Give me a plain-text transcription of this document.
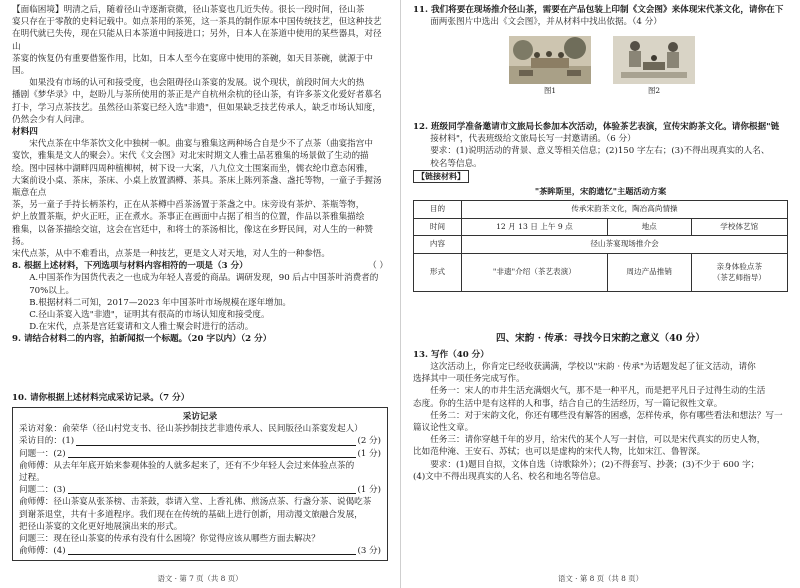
【面临困境】明清之后，随着径山寺逐渐衰微，径山茶宴也几近失传。很长一段时间，径山茶

宴只存在于零散的史料记载中。如点茶用的茶筅，这一茶具的制作原本中国传统技艺，但这种技艺

在明代就已失传，现在只能从日本茶道中间接进口；另外，日本人在茶道中使用的某些器具，对径山

茶宴的恢复仍有重要借鉴作用，比如，日本人至今在宴席中使用的茶碗，如天目茶碗，就源于中国。

如果没有市场的认可和接受度，也会阻碍径山茶宴的发展。说个现状，前段时间大火的热

播剧《梦华录》中，赵盼儿与茶所使用的茶正是产自杭州余杭的径山茶，有许多茶文化爱好者慕名

打卡，学习点茶技艺。虽然径山茶宴已经入选"非遗"，但如果缺乏技艺传承人，缺乏市场认知度，

仍然会少有人问津。

材料四

宋代点茶在中华茶饮文化中独树一帜。曲宴与雅集这两种场合自是少不了点茶（曲宴指宫中

宴饮，雅集是文人的聚会）。宋代《文会图》对北宋时期文人雅士品茗雅集的场景做了生动的描

绘。图中园林中湖畔四周种植柳树，树下设一大案，八九位文士围案而坐，儒衣纶巾意态闲雅，

大案前设小桌、茶床，茶床、小桌上放置酒樽、茶具。茶床上陈列茶盏、盏托等物，一童子手握汤瓶意在点

茶，另一童子手持长柄茶杓，正在从茶樽中舀茶汤置于茶盏之中。床旁设有茶炉、茶瓶等物，

炉上放置茶瓶，炉火正旺，正在煮水。茶事正在画面中占据了相当的位置，作品以茶雅集描绘

雅集，以备茶描绘交谊，这会在宫廷中，和将士的茶汤相比，像这在乡野民间，对人生的一种赞扬。

宋代点茶，从中不难看出，点茶是一种技艺，更是文人对天地，对人生的一种参悟。

8. 根据上述材料，下列选项与材料内容相符的一项是（3 分）	（ ）

A.中国茶作为国货代表之一也成为年轻人喜爱的商品。调研发现，90 后占中国茶叶消费者的

70%以上。

B.根据材料二可知，2017—2023 年中国茶叶市场规模在逐年增加。

C.径山茶宴入选"非遗"，证明其有很高的市场认知度和接受度。

D.在宋代，点茶是宫廷宴请和文人雅士聚会时进行的活动。

9. 请结合材料二的内容，拍新闻拟一个标题。（20 字以内）（2 分）

10. 请你根据上述材料完成采访记录。（7 分）

采访记录

采访对象：俞荣华（径山村党支书、径山茶抄制技艺非遗传承人、民间版径山茶宴发起人）

采访目的：(1)	(2 分)
问题一：(2)	(1 分)

俞师傅：从去年年底开始来参观体验的人就多起来了，还有不少年轻人会过来体验点茶的

过程。

问题二：(3)	(1 分)

俞师傅：径山茶宴从张茶榜、击茶鼓，恭请入堂、上香礼佛、煎汤点茶、行盏分茶、说偈吃茶

到谢茶退堂，共有十多道程序。我们现在在传统的基础上进行创新，用动漫文旅融合发展，

把径山茶宴的文化更好地展演出来的形式。

问题三：现在径山茶宴的传承有没有什么困境？你觉得应该从哪些方面去解决？

俞师傅：(4)	(3 分)
语文 · 第 7 页（共 8 页）

11. 我们将要在现场推介径山茶，需要在产品包装上印制《文会图》来体现宋代茶文化，请你在下

面两张图片中选出《文会图》，并从材料中找出依据。（4 分）

图1	图2

12. 班级同学准备邀请市文旅局长参加本次活动，体验茶艺表演，宣传宋韵茶文化。请你根据"链

接材料"，代表班级给文旅局长写一封邀请函。（6 分）

要求：(1)说明活动的背景、意义等相关信息；(2)150 字左右；(3)不得出现真实的人名、

校名等信息。

【链接材料】

"茶眸斯里，宋韵遗忆"主题活动方案

目的	传承宋韵茶文化，陶冶高尚情操		
时间	12 月 13 日 上午 9 点	地点	学校体艺馆
内容	径山茶宴现场推介会		
形式	"非遗"介绍（茶艺表演）	周边产品推销	亲身体验点茶
（茶艺师指导）

四、宋韵 · 传承：寻找今日宋韵之意义（40 分）

13. 写作（40 分）

这次活动上，你肯定已经收获满满，学校以"宋韵 · 传承"为话题发起了征文活动，请你

选择其中一项任务完成写作。

任务一：宋人的市井生活充满烟火气，那不是一种平凡，而是把平凡日子过得生动的生活

态度。你的生活中是有这样的人和事，结合自己的生活经历，写一篇记叙性文章。

任务二：对于宋韵文化，你还有哪些没有解答的困惑，怎样传承，你有哪些看法和想法？写一

篇议论性文章。

任务三：请你穿越千年的岁月，给宋代的某个人写一封信，可以是宋代真实的历史人物，

比如范仲淹、王安石、苏轼；也可以是虚构的宋代人物，比如宋江、鲁智深。

要求：(1)题目自拟，文体自选（诗歌除外）；(2)不得套写、抄袭；(3)不少于 600 字；

(4)文中不得出现真实的人名、校名和地名等信息。

语文 · 第 8 页（共 8 页）
